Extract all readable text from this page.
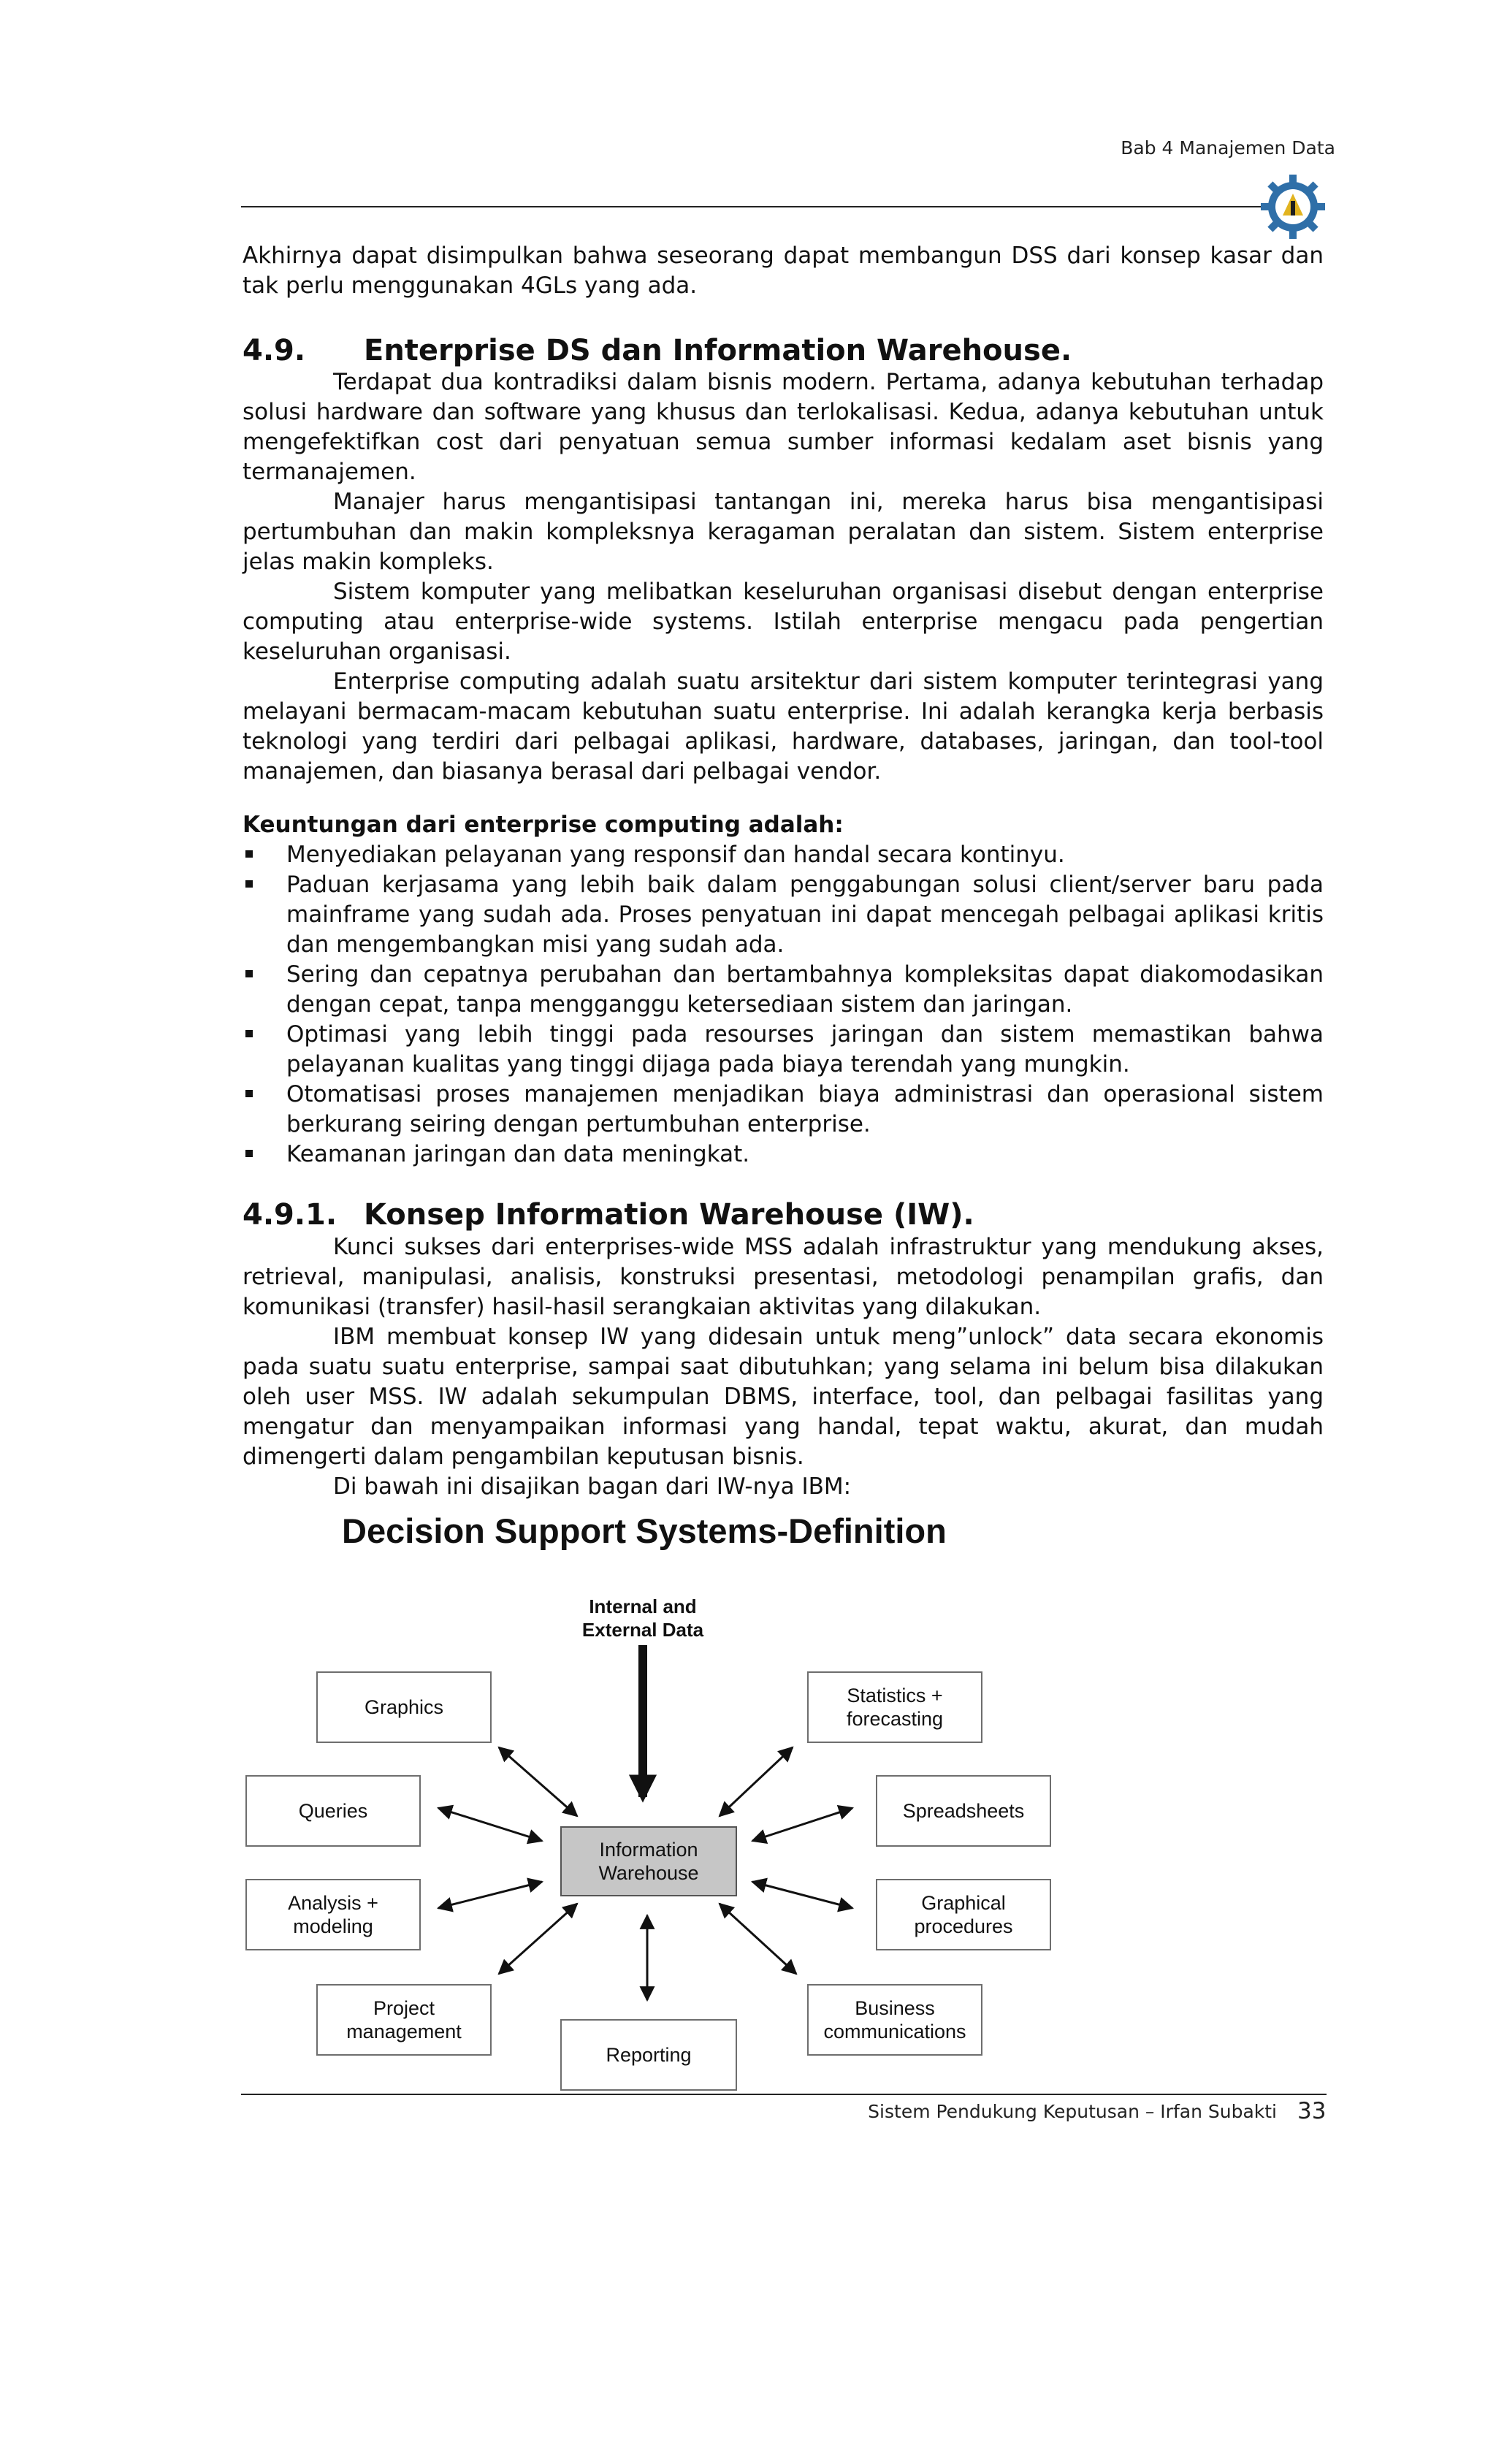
Bab 4 Manajemen Data

Akhirnya dapat disimpulkan bahwa seseorang dapat membangun DSS dari konsep kasar dan tak perlu menggunakan 4GLs yang ada.

4.9. Enterprise DS dan Information Warehouse.

Terdapat dua kontradiksi dalam bisnis modern. Pertama, adanya kebutuhan terhadap solusi hardware dan software yang khusus dan terlokalisasi. Kedua, adanya kebutuhan untuk mengefektifkan cost dari penyatuan semua sumber informasi kedalam aset bisnis yang termanajemen.

Manajer harus mengantisipasi tantangan ini, mereka harus bisa mengantisipasi pertumbuhan dan makin kompleksnya keragaman peralatan dan sistem. Sistem enterprise jelas makin kompleks.

Sistem komputer yang melibatkan keseluruhan organisasi disebut dengan enterprise computing atau enterprise-wide systems. Istilah enterprise mengacu pada pengertian keseluruhan organisasi.

Enterprise computing adalah suatu arsitektur dari sistem komputer terintegrasi yang melayani bermacam-macam kebutuhan suatu enterprise. Ini adalah kerangka kerja berbasis teknologi yang terdiri dari pelbagai aplikasi, hardware, databases, jaringan, dan tool-tool manajemen, dan biasanya berasal dari pelbagai vendor.

Keuntungan dari enterprise computing adalah:
Menyediakan pelayanan yang responsif dan handal secara kontinyu.
Paduan kerjasama yang lebih baik dalam penggabungan solusi client/server baru pada mainframe yang sudah ada. Proses penyatuan ini dapat mencegah pelbagai aplikasi kritis dan mengembangkan misi yang sudah ada.
Sering dan cepatnya perubahan dan bertambahnya kompleksitas dapat diakomodasikan dengan cepat, tanpa mengganggu ketersediaan sistem dan jaringan.
Optimasi yang lebih tinggi pada resourses jaringan dan sistem memastikan bahwa pelayanan kualitas yang tinggi dijaga pada biaya terendah yang mungkin.
Otomatisasi proses manajemen menjadikan biaya administrasi dan operasional sistem berkurang seiring dengan pertumbuhan enterprise.
Keamanan jaringan dan data meningkat.
4.9.1. Konsep Information Warehouse (IW).

Kunci sukses dari enterprises-wide MSS adalah infrastruktur yang mendukung akses, retrieval, manipulasi, analisis, konstruksi presentasi, metodologi penampilan grafis, dan komunikasi (transfer) hasil-hasil serangkaian aktivitas yang dilakukan.

IBM membuat konsep IW yang didesain untuk meng”unlock” data secara ekonomis pada suatu suatu enterprise, sampai saat dibutuhkan; yang selama ini belum bisa dilakukan oleh user MSS. IW adalah sekumpulan DBMS, interface, tool, dan pelbagai fasilitas yang mengatur dan menyampaikan informasi yang handal, tepat waktu, akurat, dan mudah dimengerti dalam pengambilan keputusan bisnis.

Di bawah ini disajikan bagan dari IW-nya IBM:

Decision Support Systems-Definition
Internal and
External Data
Information
Warehouse
Graphics
Statistics +
forecasting
Queries	Spreadsheets
Analysis +
modeling
Graphical
procedures
Project
management
Business
communications
Reporting
Sistem Pendukung Keputusan – Irfan Subakti 33
